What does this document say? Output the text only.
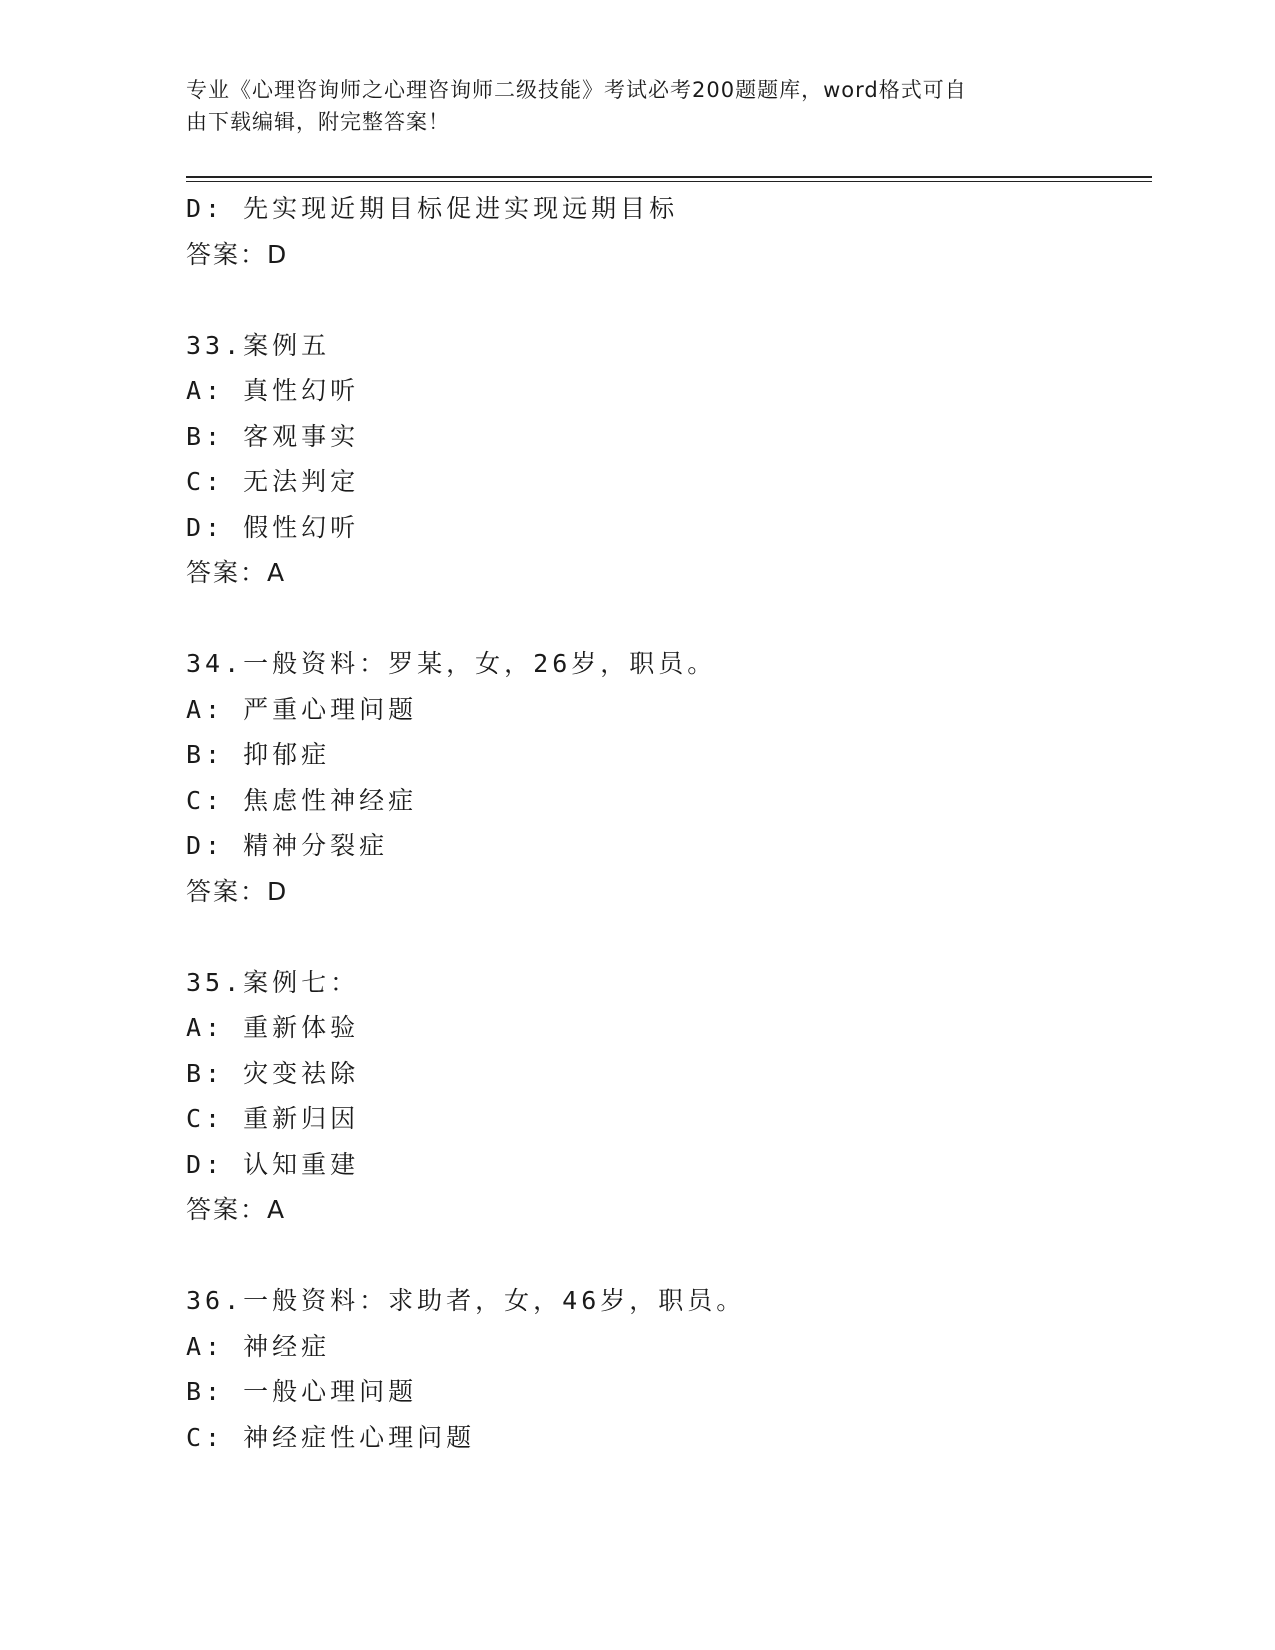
专业《心理咨询师之心理咨询师二级技能》考试必考200题题库，word格式可自
由下载编辑，附完整答案！
D: 先实现近期目标促进实现远期目标
答案：D
33.案例五
A: 真性幻听
B: 客观事实
C: 无法判定
D: 假性幻听
答案：A
34.一般资料：罗某，女，26岁，职员。
A: 严重心理问题
B: 抑郁症
C: 焦虑性神经症
D: 精神分裂症
答案：D
35.案例七：
A: 重新体验
B: 灾变祛除
C: 重新归因
D: 认知重建
答案：A
36.一般资料：求助者，女，46岁，职员。
A: 神经症
B: 一般心理问题
C: 神经症性心理问题
